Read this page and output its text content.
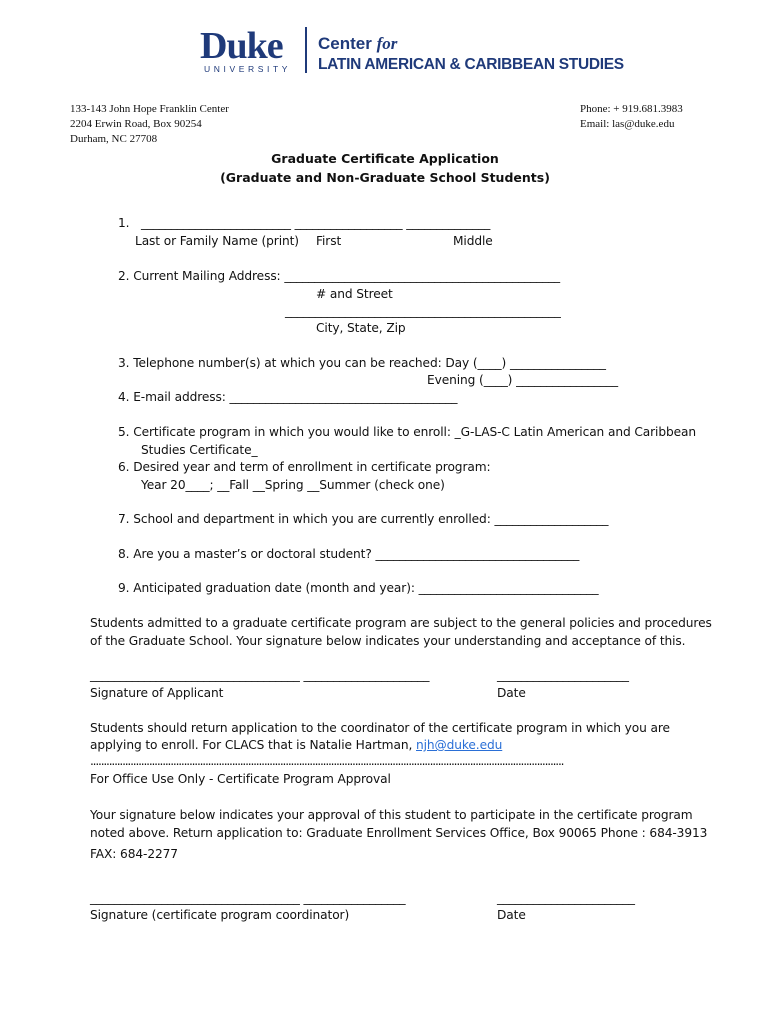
Duke
UNIVERSITY
Center for
LATIN AMERICAN & CARIBBEAN STUDIES
133-143 John Hope Franklin Center
2204 Erwin Road, Box 90254
Durham, NC 27708
Phone: + 919.681.3983
Email: las@duke.edu
Graduate Certificate Application
(Graduate and Non-Graduate School Students)
1. _________________________ __________________ ______________
Last or Family Name (print) First	Middle
2. Current Mailing Address: ______________________________________________
# and Street
______________________________________________
City, State, Zip
3. Telephone number(s) at which you can be reached: Day (____) ________________
Evening (____) _________________
4. E-mail address: ______________________________________
5. Certificate program in which you would like to enroll: _G-LAS-C Latin American and Caribbean
Studies Certificate_
6. Desired year and term of enrollment in certificate program:
Year 20____; __Fall __Spring __Summer (check one)
7. School and department in which you are currently enrolled: ___________________
8. Are you a master’s or doctoral student? __________________________________
9. Anticipated graduation date (month and year): ______________________________
Students admitted to a graduate certificate program are subject to the general policies and procedures
of the Graduate School. Your signature below indicates your understanding and acceptance of this.
___________________________________ _____________________	______________________
Signature of Applicant	Date
Students should return application to the coordinator of the certificate program in which you are
applying to enroll. For CLACS that is Natalie Hartman, njh@duke.edu
.................................................................................................................................................................................
For Office Use Only - Certificate Program Approval
Your signature below indicates your approval of this student to participate in the certificate program
noted above. Return application to: Graduate Enrollment Services Office, Box 90065 Phone : 684-3913
FAX: 684-2277
___________________________________ _________________	_______________________
Signature (certificate program coordinator)	Date
